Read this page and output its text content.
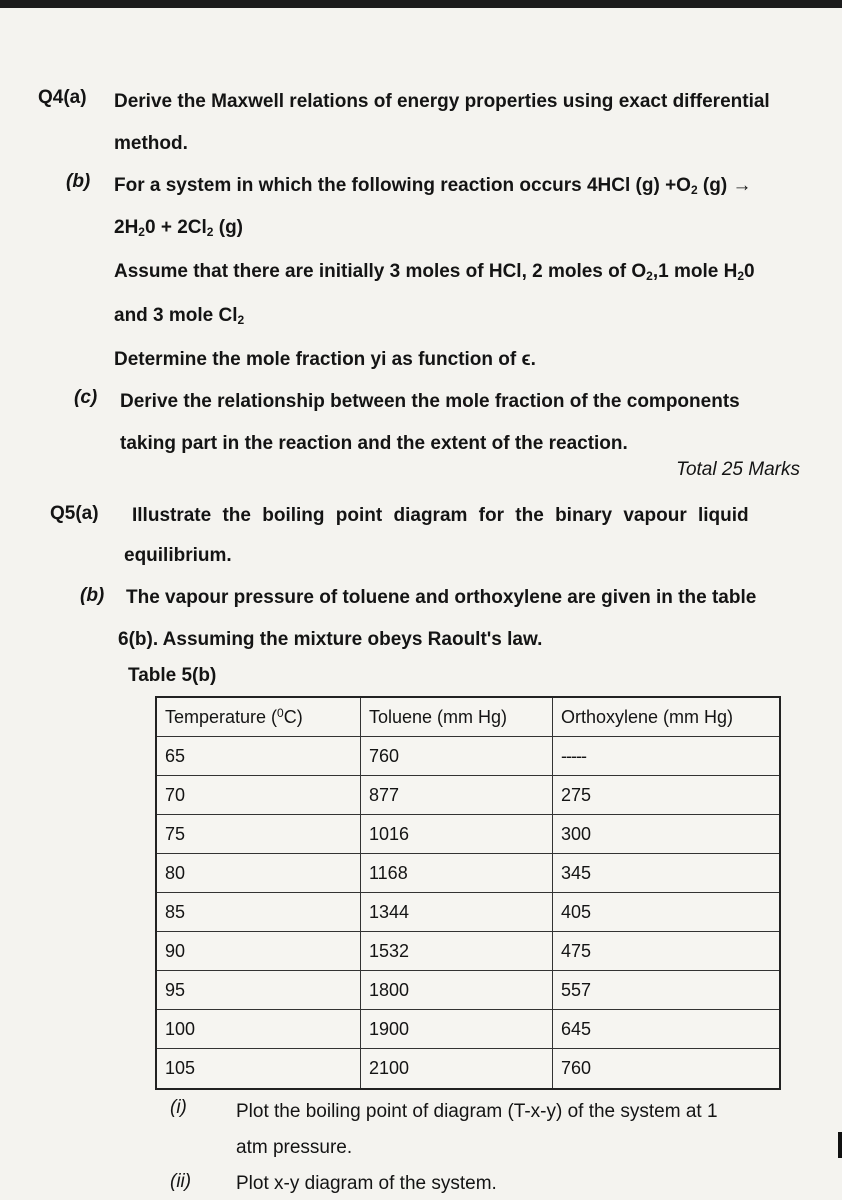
Q4(a) Derive the Maxwell relations of energy properties using exact differential
method.
(b) For a system in which the following reaction occurs 4HCl $(g) +O_2$ (g) →
$2H_20 + 2Cl_2$ (g)
Assume that there are initially 3 moles of HCl, 2 moles of $O_2,1$ mole $H_20$
and 3 mole $Cl_2$
Determine the mole fraction yi as function of ϵ.
(c) Derive the relationship between the mole fraction of the components
taking part in the reaction and the extent of the reaction.
Total 25 Marks
Q5(a) Illustrate the boiling point diagram for the binary vapour liquid
equilibrium.
(b) The vapour pressure of toluene and orthoxylene are given in the table
6(b). Assuming the mixture obeys Raoult's law.
Table 5(b)
Temperature ($^0$C)	Toluene (mm Hg)	Orthoxylene (mm Hg)
65	760	-----
70	877	275
75	1016	300
80	1168	345
85	1344	405
90	1532	475
95	1800	557
100	1900	645
105	2100	760
(i)	Plot the boiling point of diagram (T-x-y) of the system at 1
atm pressure.
(ii) Plot x-y diagram of the system.
